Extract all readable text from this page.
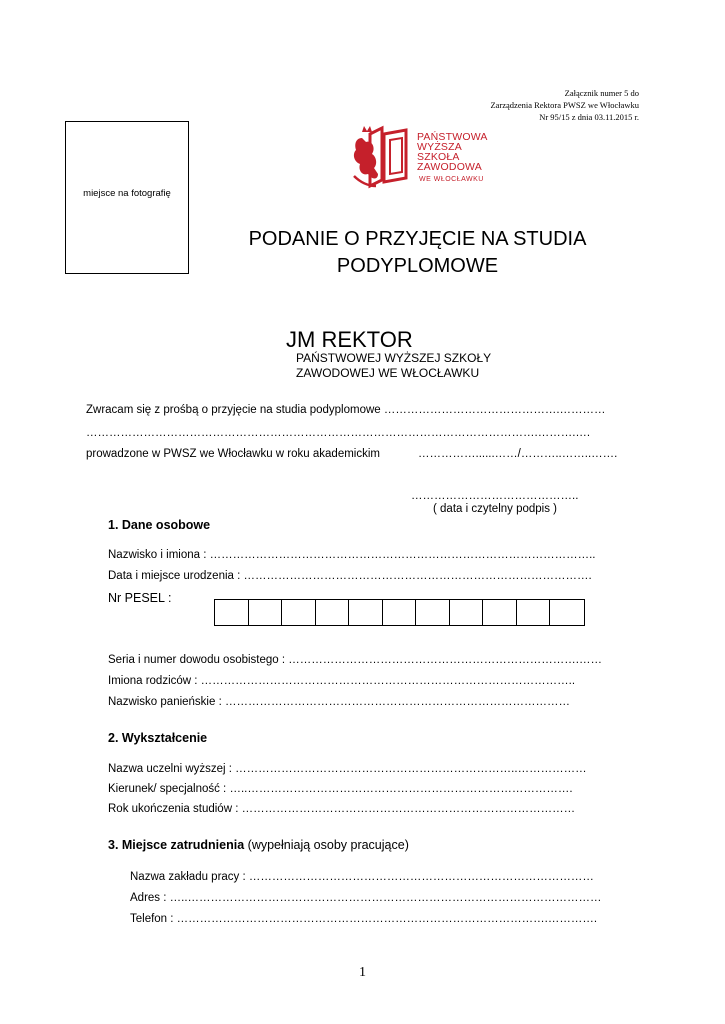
Załącznik numer 5 do
Zarządzenia Rektora PWSZ we Włocławku
Nr 95/15 z dnia 03.11.2015 r.
miejsce na fotografię
PAŃSTWOWA
WYŻSZA
SZKOŁA
ZAWODOWA
WE WŁOCŁAWKU
PODANIE O PRZYJĘCIE NA STUDIA
PODYPLOMOWE
JM REKTOR
PAŃSTWOWEJ WYŻSZEJ SZKOŁY
ZAWODOWEJ WE WŁOCŁAWKU
Zwracam się z prośbą o przyjęcie na studia podyplomowe ……………………………………….…………
……………………………………………………………………………………………………….……….….
prowadzone w PWSZ we Włocławku w roku akademickim	……………......……/………..……..…….
……………………………………..
( data i czytelny podpis )
1. Dane osobowe
Nazwisko i imiona : ………………………………………………………………………………………..
Data i miejsce urodzenia : ……………………………………………………………………………….
Nr PESEL :
Seria i numer dowodu osobistego : ………………………………………………………………….……
Imiona rodziców : ……………………………………………………………………………………..
Nazwisko panieńskie : ………………………………………………………………………………
2. Wykształcenie
Nazwa uczelni wyższej : ………………………………………………………………..………………
Kierunek/ specjalność : …..………………………………………………………………………….
Rok ukończenia studiów : ……………………………………………………………………………
3. Miejsce zatrudnienia (wypełniają osoby pracujące)
Nazwa zakładu pracy : ………………………………………………………………………………
Adres : …..………………………………………………………………………………………………
Telefon : …………………………………………………………………………………….………….
1
